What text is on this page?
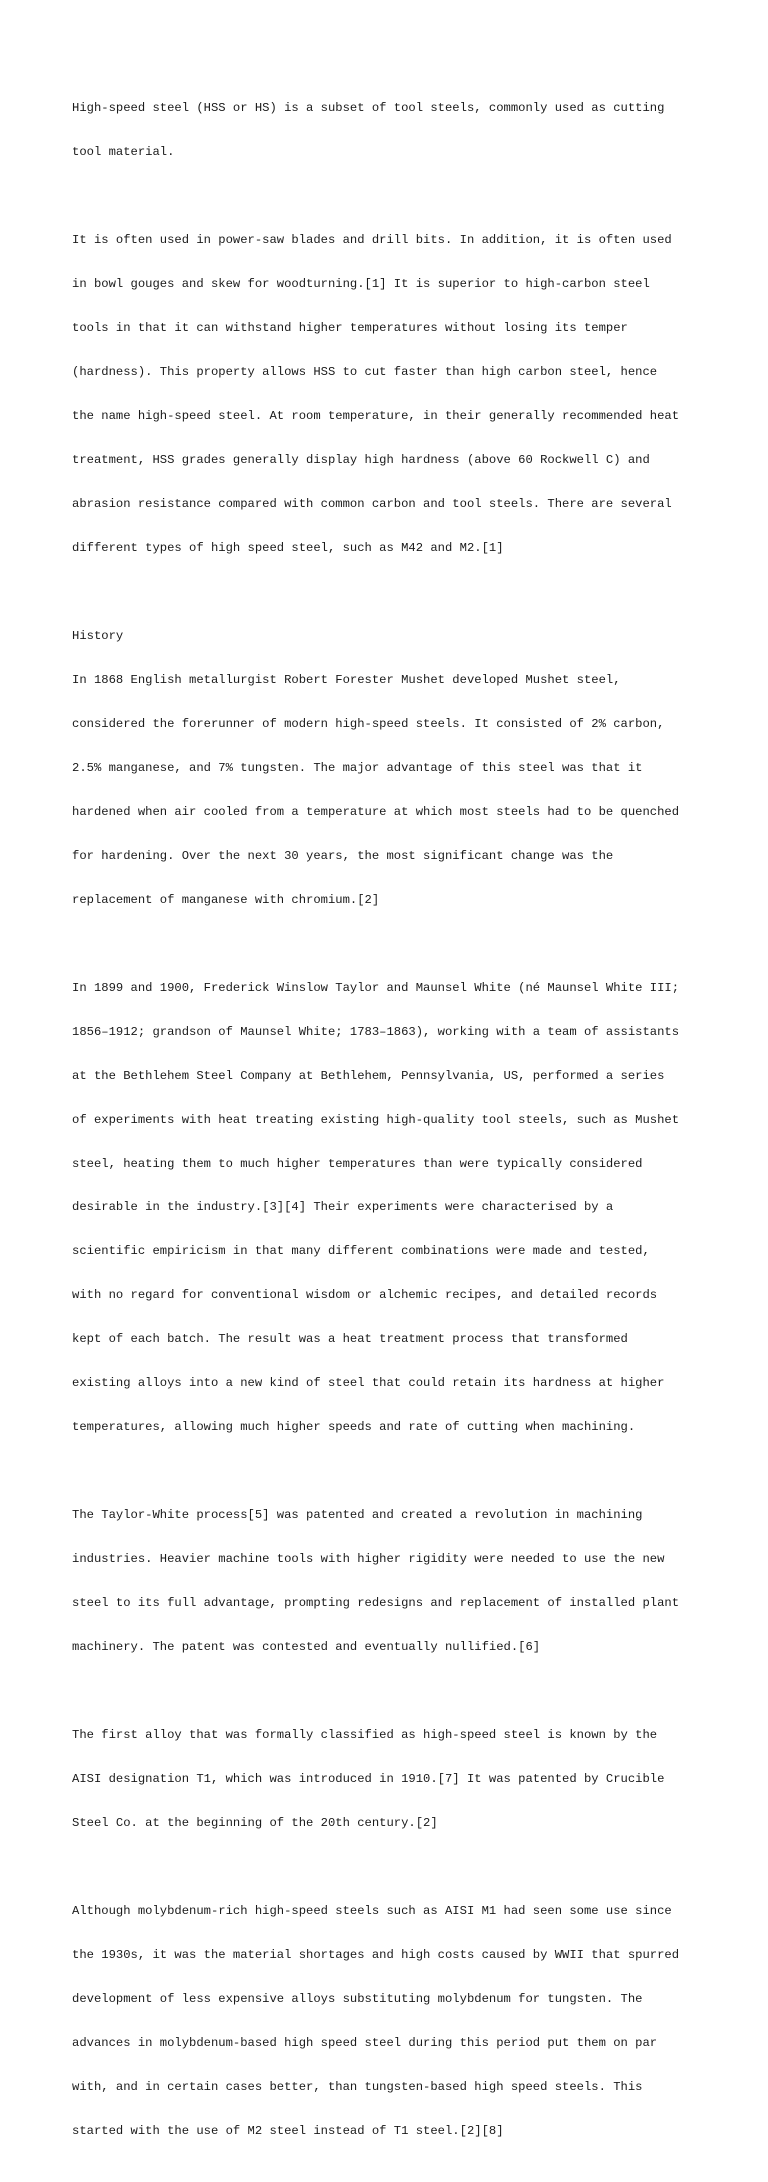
High-speed steel (HSS or HS) is a subset of tool steels, commonly used as cutting

tool material.

It is often used in power-saw blades and drill bits. In addition, it is often used

in bowl gouges and skew for woodturning.[1] It is superior to high-carbon steel

tools in that it can withstand higher temperatures without losing its temper

(hardness). This property allows HSS to cut faster than high carbon steel, hence

the name high-speed steel. At room temperature, in their generally recommended heat

treatment, HSS grades generally display high hardness (above 60 Rockwell C) and

abrasion resistance compared with common carbon and tool steels. There are several

different types of high speed steel, such as M42 and M2.[1]

History

In 1868 English metallurgist Robert Forester Mushet developed Mushet steel,

considered the forerunner of modern high-speed steels. It consisted of 2% carbon,

2.5% manganese, and 7% tungsten. The major advantage of this steel was that it

hardened when air cooled from a temperature at which most steels had to be quenched

for hardening. Over the next 30 years, the most significant change was the

replacement of manganese with chromium.[2]

In 1899 and 1900, Frederick Winslow Taylor and Maunsel White (né Maunsel White III;

1856–1912; grandson of Maunsel White; 1783–1863), working with a team of assistants

at the Bethlehem Steel Company at Bethlehem, Pennsylvania, US, performed a series

of experiments with heat treating existing high-quality tool steels, such as Mushet

steel, heating them to much higher temperatures than were typically considered

desirable in the industry.[3][4] Their experiments were characterised by a

scientific empiricism in that many different combinations were made and tested,

with no regard for conventional wisdom or alchemic recipes, and detailed records

kept of each batch. The result was a heat treatment process that transformed

existing alloys into a new kind of steel that could retain its hardness at higher

temperatures, allowing much higher speeds and rate of cutting when machining.

The Taylor-White process[5] was patented and created a revolution in machining

industries. Heavier machine tools with higher rigidity were needed to use the new

steel to its full advantage, prompting redesigns and replacement of installed plant

machinery. The patent was contested and eventually nullified.[6]

The first alloy that was formally classified as high-speed steel is known by the

AISI designation T1, which was introduced in 1910.[7] It was patented by Crucible

Steel Co. at the beginning of the 20th century.[2]

Although molybdenum-rich high-speed steels such as AISI M1 had seen some use since

the 1930s, it was the material shortages and high costs caused by WWII that spurred

development of less expensive alloys substituting molybdenum for tungsten. The

advances in molybdenum-based high speed steel during this period put them on par

with, and in certain cases better, than tungsten-based high speed steels. This

started with the use of M2 steel instead of T1 steel.[2][8]
